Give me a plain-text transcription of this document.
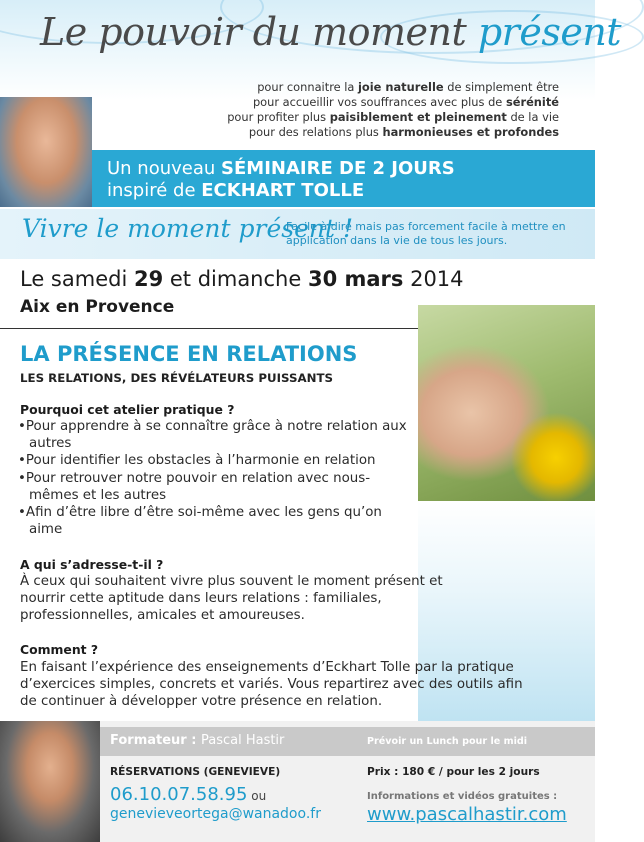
Le pouvoir du moment présent
pour connaitre la joie naturelle de simplement être
pour accueillir vos souffrances avec plus de sérénité
pour profiter plus paisiblement et pleinement de la vie
pour des relations plus harmonieuses et profondes
Un nouveau SÉMINAIRE DE 2 JOURS
inspiré de ECKHART TOLLE
Vivre le moment présent !
Facile à dire mais pas forcement facile à mettre en application dans la vie de tous les jours.
Le samedi 29 et dimanche 30 mars 2014
Aix en Provence
LA PRÉSENCE EN RELATIONS
LES RELATIONS, DES RÉVÉLATEURS PUISSANTS
Pourquoi cet atelier pratique ?
• Pour apprendre à se connaître grâce à notre relation aux autres
• Pour identifier les obstacles à l’harmonie en relation
• Pour retrouver notre pouvoir en relation avec nous-mêmes et les autres
• Afin d’être libre d’être soi-même avec les gens qu’on aime
A qui s’adresse-t-il ?
À ceux qui souhaitent vivre plus souvent le moment présent et nourrir cette aptitude dans leurs relations : familiales, professionnelles, amicales et amoureuses.
Comment ?
En faisant l’expérience des enseignements d’Eckhart Tolle par la pratique d’exercices simples, concrets et variés. Vous repartirez avec des outils afin de continuer à développer votre présence en relation.
Formateur : Pascal Hastir	Prévoir un Lunch pour le midi
RÉSERVATIONS (GENEVIEVE)
06.10.07.58.95 ou
genevieveortega@wanadoo.fr
Prix : 180 € / pour les 2 jours
Informations et vidéos gratuites :
www.pascalhastir.com
